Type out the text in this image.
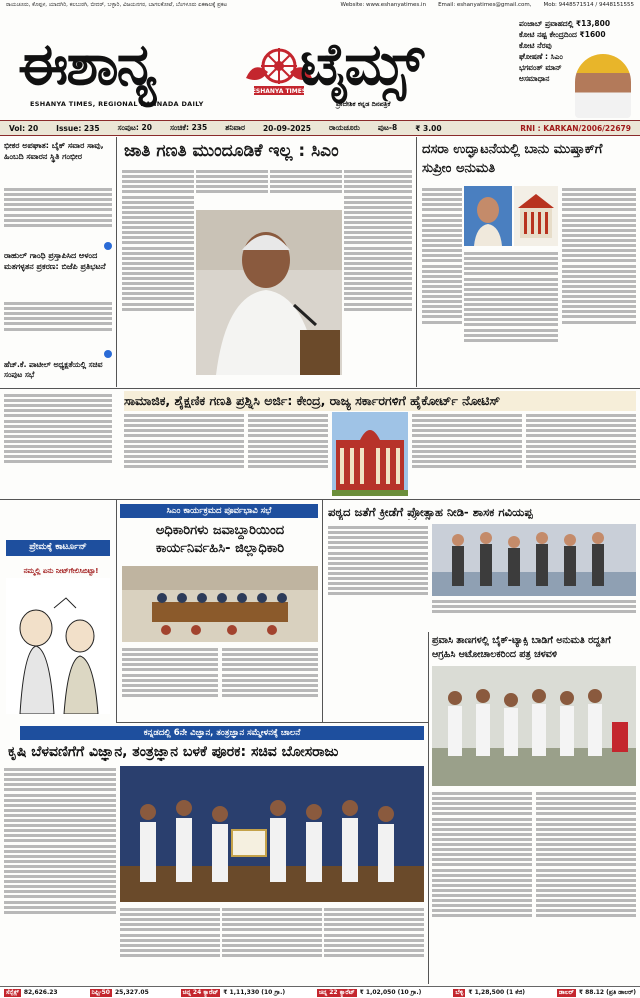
ರಾಯಚೂರು, ಕೊಪ್ಪಳ, ಯಾದಗಿರಿ, ಕಲಬುರಗಿ, ಬೀದರ್, ಬಳ್ಳಾರಿ, ವಿಜಯನಗರ, ಬಾಗಲಕೋಟೆ, ಬೆಂಗಳೂರು ಏಕಕಾಲಕ್ಕೆ ಪ್ರಕಟ	Website: www.eshanyatimes.in Email: eshanyatimes@gmail.com, Mob: 9448571514 / 9448151555
ಈಶಾನ್ಯ	ESHANYA TIMES
ಟೈಮ್ಸ್
ESHANYA TIMES, REGIONAL KANNADA DAILY	ಪ್ರಾದೇಶಿಕ ಕನ್ನಡ ದಿನಪತ್ರಿಕೆ
ಪಂಜಾಬ್ ಪ್ರವಾಹದಲ್ಲಿ ₹13,800
ಕೋಟಿ ನಷ್ಟ ಕೇಂದ್ರದಿಂದ ₹1600
ಕೋಟಿ ನೆರವು
ಘೋಷಣೆ : ಸಿಎಂ
ಭಗವಂತ್ ಮಾನ್
ಅಸಮಾಧಾನ
Vol: 20	Issue: 235	ಸಂಪುಟ: 20	ಸಂಚಿಕೆ: 235	ಶನಿವಾರ	20-09-2025	ರಾಯಚೂರು	ಪುಟ-8	₹ 3.00	RNI : KARKAN/2006/22679
ಭೀಕರ ಅಪಘಾತ: ಬೈಕ್ ಸವಾರ ಸಾವು, ಹಿಂಬದಿ ಸವಾರನ ಸ್ಥಿತಿ ಗಂಭೀರ
ರಾಹುಲ್ ಗಾಂಧಿ ಪ್ರಸ್ತಾಪಿಸಿದ ಆಳಂದ ಮತಗಳ್ಳತನ ಪ್ರಕರಣ: ಬಿಜೆಪಿ ಪ್ರತಿಭಟನೆ
ಹೆಚ್.ಕೆ. ಪಾಟೀಲ್ ಅಧ್ಯಕ್ಷತೆಯಲ್ಲಿ ಸಚಿವ ಸಂಪುಟ ಸಭೆ
ಜಾತಿ ಗಣತಿ ಮುಂದೂಡಿಕೆ ಇಲ್ಲ : ಸಿಎಂ	ದಸರಾ ಉದ್ಘಾಟನೆಯಲ್ಲಿ ಬಾನು ಮುಷ್ತಾಕ್‌ಗೆ ಸುಪ್ರೀಂ ಅನುಮತಿ
ಸಾಮಾಜಿಕ, ಶೈಕ್ಷಣಿಕ ಗಣತಿ ಪ್ರಶ್ನಿಸಿ ಅರ್ಜಿ: ಕೇಂದ್ರ, ರಾಜ್ಯ ಸರ್ಕಾರಗಳಿಗೆ ಹೈಕೋರ್ಟ್ ನೋಟಿಸ್
ಪ್ರೇಮಕ್ಕೆ ಕಾರ್ಟೂನ್
ನಮ್ಮಲ್ಲಿ ಏನು ನೀಟ್‌ಗೇಲಿಸಿಬಿಟ್ಟಾ!
ಸಿಎಂ ಕಾರ್ಯಕ್ರಮದ ಪೂರ್ವಭಾವಿ ಸಭೆ
ಅಧಿಕಾರಿಗಳು ಜವಾಬ್ದಾರಿಯಿಂದ ಕಾರ್ಯನಿರ್ವಹಿಸಿ- ಜಿಲ್ಲಾಧಿಕಾರಿ
ಪಠ್ಯದ ಜತೆಗೆ ಕ್ರೀಡೆಗೆ ಪ್ರೋತ್ಸಾಹ ನೀಡಿ- ಶಾಸಕ ಗವಿಯಪ್ಪ
ಪ್ರವಾಸಿ ತಾಣಗಳಲ್ಲಿ ಬೈಕ್-ಟ್ಯಾಕ್ಸಿ ಬಾಡಿಗೆ ಅನುಮತಿ ರದ್ದತಿಗೆ ಆಗ್ರಹಿಸಿ ಆಟೋಚಾಲಕರಿಂದ ಪತ್ರ ಚಳವಳಿ
ಕನ್ನಡದಲ್ಲಿ 6ನೇ ವಿಜ್ಞಾನ, ತಂತ್ರಜ್ಞಾನ ಸಮ್ಮೇಳನಕ್ಕೆ ಚಾಲನೆ
ಕೃಷಿ ಬೆಳವಣಿಗೆಗೆ ವಿಜ್ಞಾನ, ತಂತ್ರಜ್ಞಾನ ಬಳಕೆ ಪೂರಕ: ಸಚಿವ ಬೋಸರಾಜು
ಸೆನ್ಸೆಕ್ಸ್ 82,626.23	ನಿಫ್ಟಿ-50 25,327.05	ಚಿನ್ನ 24 ಕ್ಯಾರೆಟ್ ₹ 1,11,330 (10 ಗ್ರಾ.)	ಚಿನ್ನ 22 ಕ್ಯಾರೆಟ್ ₹ 1,02,050 (10 ಗ್ರಾ.)	ಬೆಳ್ಳಿ ₹ 1,28,500 (1 ಕೆಜಿ)	ಡಾಲರ್ ₹ 88.12 (ಪ್ರತಿ ಡಾಲರ್)
